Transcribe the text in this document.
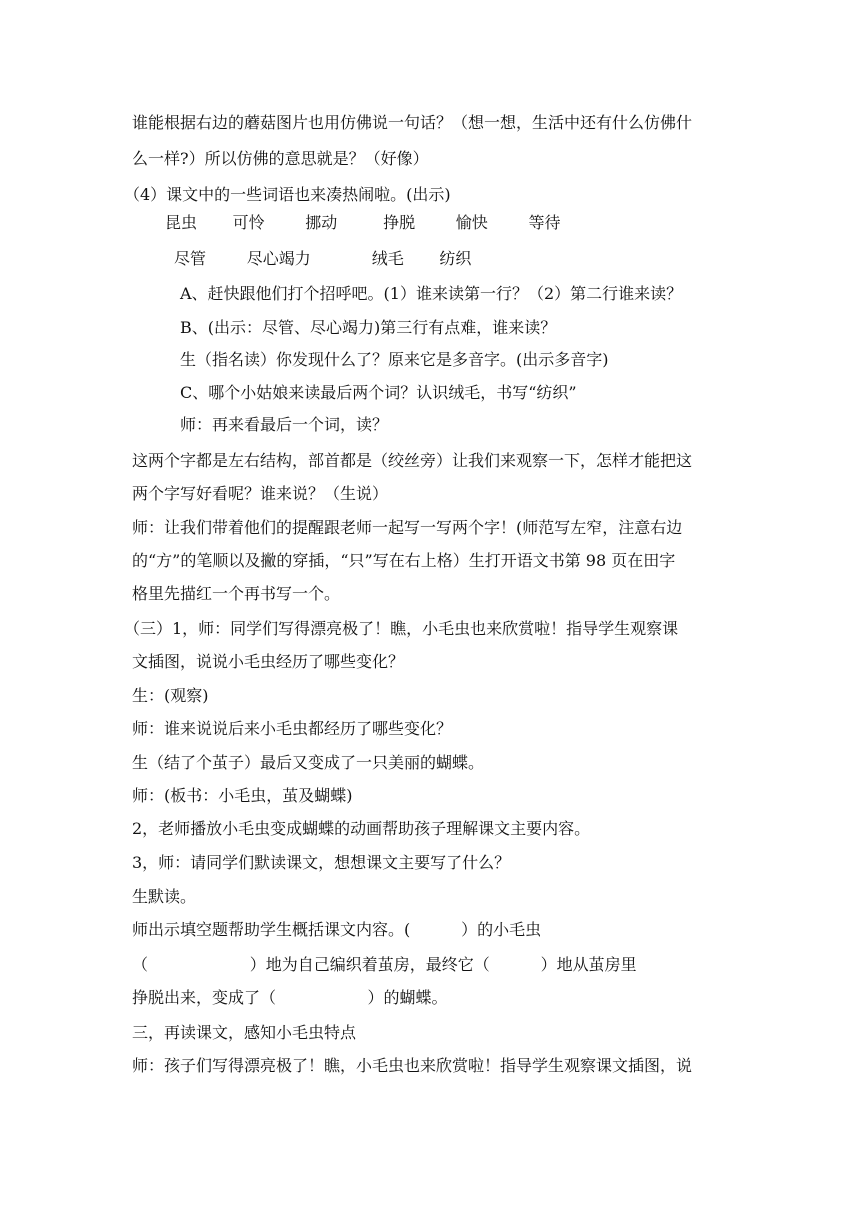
谁能根据右边的蘑菇图片也用仿佛说一句话？（想一想，生活中还有什么仿佛什
么一样?）所以仿佛的意思就是？（好像）
（4）课文中的一些词语也来凑热闹啦。(出示)
昆虫       可怜        挪动         挣脱        愉快        等待
尽管        尽心竭力            绒毛       纺织
A、赶快跟他们打个招呼吧。(1）谁来读第一行？（2）第二行谁来读？
B、(出示：尽管、尽心竭力)第三行有点难，谁来读？
生（指名读）你发现什么了？原来它是多音字。(出示多音字)
C、哪个小姑娘来读最后两个词？认识绒毛，书写“纺织”
师：再来看最后一个词，读？
这两个字都是左右结构，部首都是（绞丝旁）让我们来观察一下，怎样才能把这
两个字写好看呢？谁来说？（生说）
师：让我们带着他们的提醒跟老师一起写一写两个字！(师范写左窄，注意右边
的“方”的笔顺以及撇的穿插，“只”写在右上格）生打开语文书第 98 页在田字
格里先描红一个再书写一个。
（三）1，师：同学们写得漂亮极了！瞧，小毛虫也来欣赏啦！指导学生观察课
文插图，说说小毛虫经历了哪些变化？
生：(观察)
师：谁来说说后来小毛虫都经历了哪些变化？
生（结了个茧子）最后又变成了一只美丽的蝴蝶。
师：(板书：小毛虫，茧及蝴蝶)
2，老师播放小毛虫变成蝴蝶的动画帮助孩子理解课文主要内容。
3，师：请同学们默读课文，想想课文主要写了什么？
生默读。
师出示填空题帮助学生概括课文内容。(          ）的小毛虫
（                    ）地为自己编织着茧房，最终它（          ）地从茧房里
挣脱出来，变成了（                  ）的蝴蝶。
三，再读课文，感知小毛虫特点
师：孩子们写得漂亮极了！瞧，小毛虫也来欣赏啦！指导学生观察课文插图，说
